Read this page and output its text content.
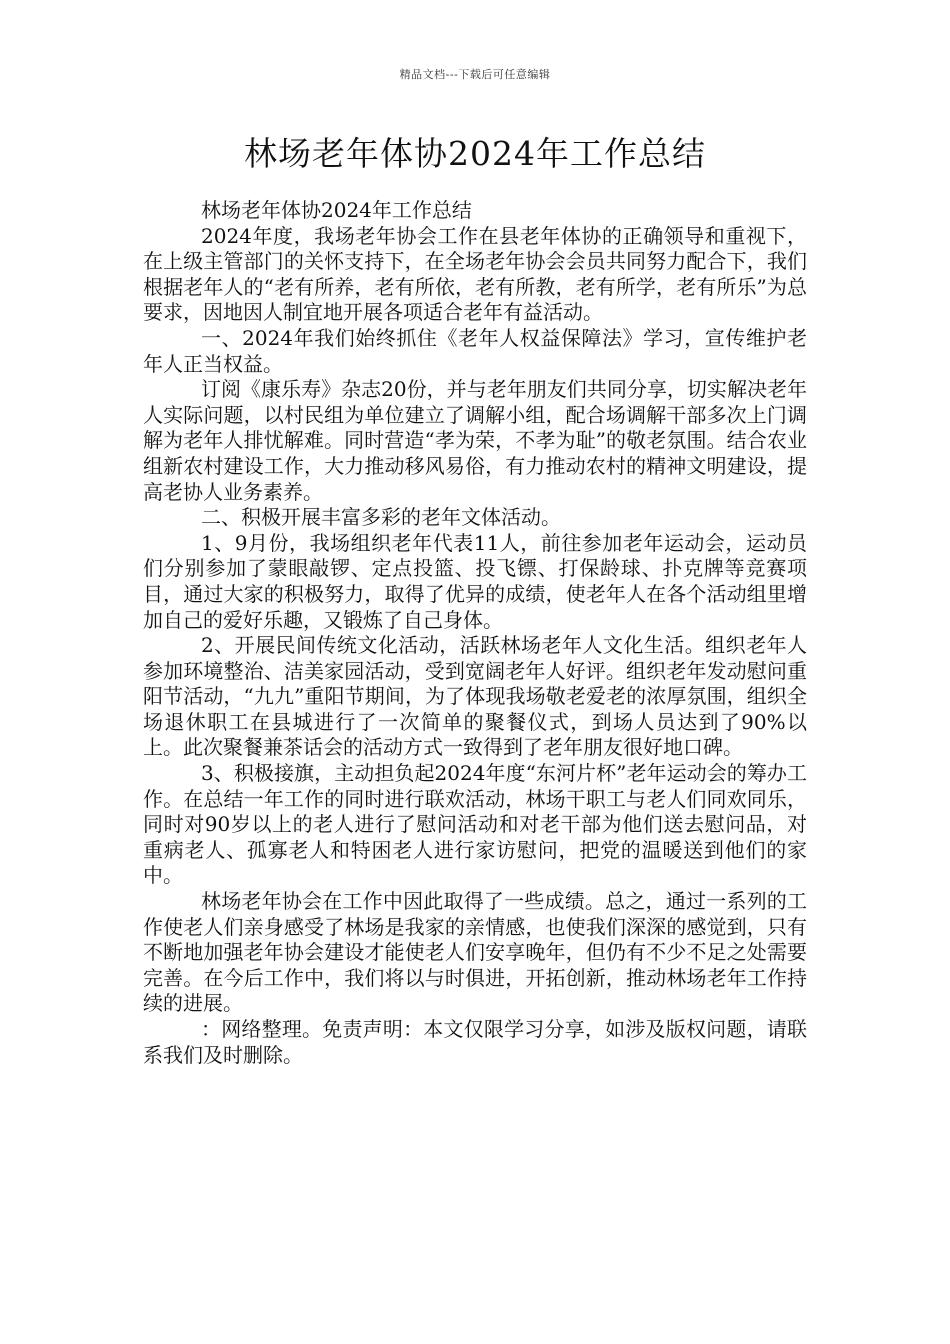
精品文档---下载后可任意编辑
林场老年体协2024年工作总结

林场老年体协2024年工作总结

2024年度，我场老年协会工作在县老年体协的正确领导和重视下，在上级主管部门的关怀支持下，在全场老年协会会员共同努力配合下，我们根据老年人的“老有所养，老有所依，老有所教，老有所学，老有所乐”为总要求，因地因人制宜地开展各项适合老年有益活动。

一、2024年我们始终抓住《老年人权益保障法》学习，宣传维护老年人正当权益。

订阅《康乐寿》杂志20份，并与老年朋友们共同分享，切实解决老年人实际问题，以村民组为单位建立了调解小组，配合场调解干部多次上门调解为老年人排忧解难。同时营造“孝为荣，不孝为耻”的敬老氛围。结合农业组新农村建设工作，大力推动移风易俗，有力推动农村的精神文明建设，提高老协人业务素养。

二、积极开展丰富多彩的老年文体活动。

1、9月份，我场组织老年代表11人，前往参加老年运动会，运动员们分别参加了蒙眼敲锣、定点投篮、投飞镖、打保龄球、扑克牌等竞赛项目，通过大家的积极努力，取得了优异的成绩，使老年人在各个活动组里增加自己的爱好乐趣，又锻炼了自己身体。

2、开展民间传统文化活动，活跃林场老年人文化生活。组织老年人参加环境整治、洁美家园活动，受到宽阔老年人好评。组织老年发动慰问重阳节活动，“九九”重阳节期间，为了体现我场敬老爱老的浓厚氛围，组织全场退休职工在县城进行了一次简单的聚餐仪式，到场人员达到了90%以上。此次聚餐兼茶话会的活动方式一致得到了老年朋友很好地口碑。

3、积极接旗，主动担负起2024年度“东河片杯”老年运动会的筹办工作。在总结一年工作的同时进行联欢活动，林场干职工与老人们同欢同乐，同时对90岁以上的老人进行了慰问活动和对老干部为他们送去慰问品，对重病老人、孤寡老人和特困老人进行家访慰问，把党的温暖送到他们的家中。

林场老年协会在工作中因此取得了一些成绩。总之，通过一系列的工作使老人们亲身感受了林场是我家的亲情感，也使我们深深的感觉到，只有不断地加强老年协会建设才能使老人们安享晚年，但仍有不少不足之处需要完善。在今后工作中，我们将以与时俱进，开拓创新，推动林场老年工作持续的进展。

：网络整理。免责声明：本文仅限学习分享，如涉及版权问题，请联系我们及时删除。
